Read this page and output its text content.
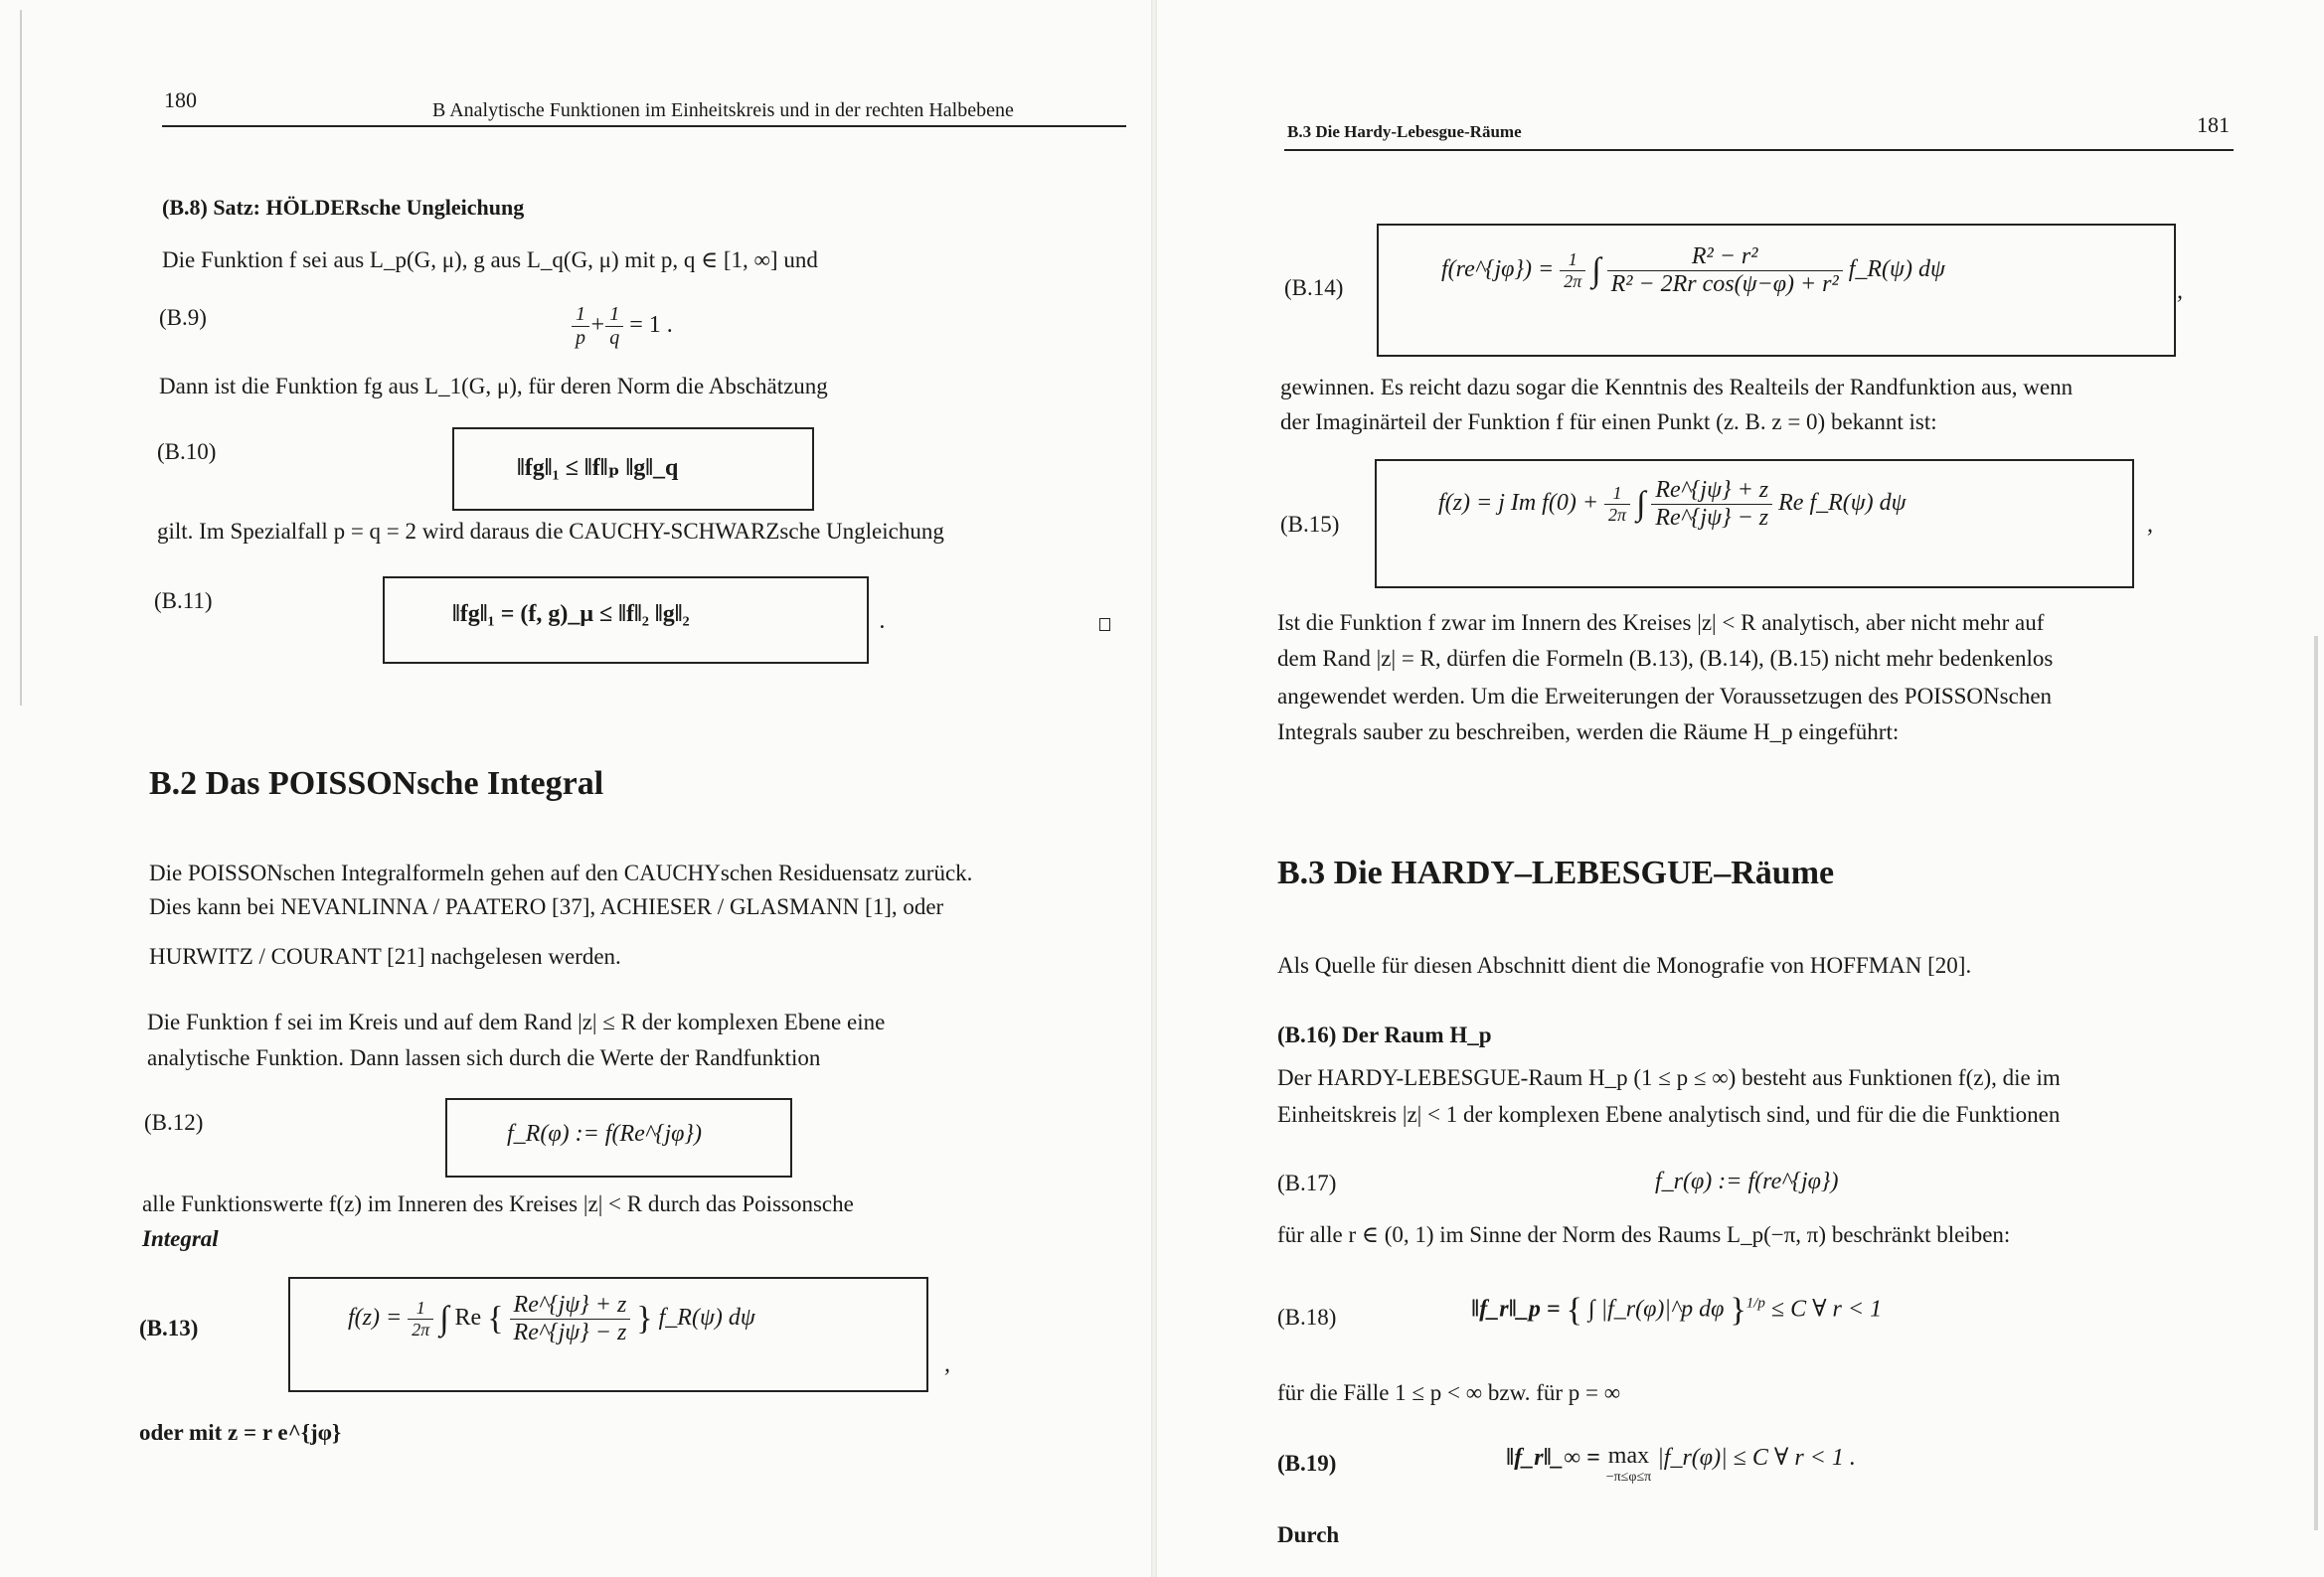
180	B Analytische Funktionen im Einheitskreis und in der rechten Halbebene
(B.8) Satz: HÖLDERsche Ungleichung
Die Funktion f sei aus L_p(G, μ), g aus L_q(G, μ) mit p, q ∈ [1, ∞] und
(B.9)	$\frac{1}{p} + \frac{1}{q} = 1$ .
Dann ist die Funktion fg aus L_1(G, μ), für deren Norm die Abschätzung
(B.10)
‖fg‖₁ ≤ ‖f‖ₚ ‖g‖_q
gilt. Im Spezialfall p = q = 2 wird daraus die CAUCHY-SCHWARZsche Ungleichung
(B.11)
‖fg‖₁ = (f, g)_μ ≤ ‖f‖₂ ‖g‖₂	.
B.2 Das POISSONsche Integral
Die POISSONschen Integralformeln gehen auf den CAUCHYschen Residuensatz zurück.
Dies kann bei NEVANLINNA / PAATERO [37], ACHIESER / GLASMANN [1], oder
HURWITZ / COURANT [21] nachgelesen werden.
Die Funktion f sei im Kreis und auf dem Rand |z| ≤ R der komplexen Ebene eine
analytische Funktion. Dann lassen sich durch die Werte der Randfunktion
(B.12)	f_R(φ) := f(Re^{jφ})
alle Funktionswerte f(z) im Inneren des Kreises |z| < R durch das Poissonsche
Integral
(B.13)	$f(z) = \frac{1}{2\pi}$ ∫ Re { $\frac{Re\^{}\{j\psi\} + z}{Re\^{}\{j\psi\} - z}$ } f_R(ψ) dψ
,
oder mit z = r e^{jφ}
B.3 Die Hardy-Lebesgue-Räume	181
(B.14)
f(re^{jφ}) = $\frac{1}{2\pi}$ ∫ $\frac{\text{R² − r²}}{\text{R² − 2Rr cos(ψ−φ) + r²}}$ f_R(ψ) dψ
,
gewinnen. Es reicht dazu sogar die Kenntnis des Realteils der Randfunktion aus, wenn
der Imaginärteil der Funktion f für einen Punkt (z. B. z = 0) bekannt ist:
(B.15)
f(z) = j Im $f(0) + \frac{1}{2\pi}$ ∫ $\frac{Re\^{}\{j\psi\} + z}{Re\^{}\{j\psi\} - z}$ Re f_R(ψ) dψ
,
Ist die Funktion f zwar im Innern des Kreises |z| < R analytisch, aber nicht mehr auf
dem Rand |z| = R, dürfen die Formeln (B.13), (B.14), (B.15) nicht mehr bedenkenlos
angewendet werden. Um die Erweiterungen der Voraussetzugen des POISSONschen
Integrals sauber zu beschreiben, werden die Räume H_p eingeführt:
B.3 Die HARDY–LEBESGUE–Räume
Als Quelle für diesen Abschnitt dient die Monografie von HOFFMAN [20].
(B.16) Der Raum H_p
Der HARDY-LEBESGUE-Raum H_p (1 ≤ p ≤ ∞) besteht aus Funktionen f(z), die im
Einheitskreis |z| < 1 der komplexen Ebene analytisch sind, und für die die Funktionen
(B.17)	f_r(φ) := f(re^{jφ})
für alle r ∈ (0, 1) im Sinne der Norm des Raums L_p(−π, π) beschränkt bleiben:
(B.18)	‖f_r‖_p = { ∫ |f_r(φ)|^p dφ }$^{1/p}$ ≤ C ∀ r < 1
für die Fälle 1 ≤ p < ∞ bzw. für p = ∞
(B.19)	‖f_r‖_∞ = max
−π≤φ≤π
|f_r(φ)| ≤ C ∀ r < 1 .
Durch
